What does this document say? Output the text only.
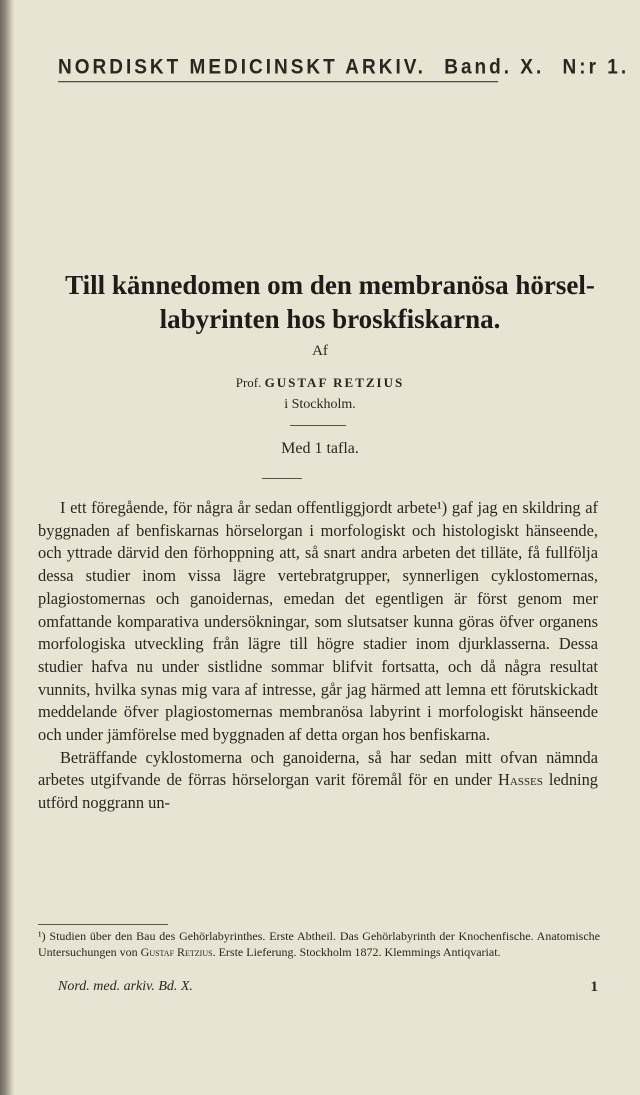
NORDISKT MEDICINSKT ARKIV. Band. X. N:r 1.
Till kännedomen om den membranösa hörsel-
labyrinten hos broskfiskarna.
Af
Prof. GUSTAF RETZIUS
i Stockholm.
Med 1 tafla.

I ett föregående, för några år sedan offentliggjordt arbete¹) gaf jag en skildring af byggnaden af benfiskarnas hörselorgan i morfologiskt och histologiskt hänseende, och yttrade därvid den förhoppning att, så snart andra arbeten det tilläte, få fullfölja dessa studier inom vissa lägre vertebratgrupper, synnerligen cyklostomernas, plagiostomernas och ganoidernas, emedan det egentligen är först genom mer omfattande komparativa undersökningar, som slutsatser kunna göras öfver organens morfologiska utveckling från lägre till högre stadier inom djurklasserna. Dessa studier hafva nu under sistlidne sommar blifvit fortsatta, och då några resultat vunnits, hvilka synas mig vara af intresse, går jag härmed att lemna ett förutskickadt meddelande öfver plagiostomernas membranösa labyrint i morfologiskt hänseende och under jämförelse med byggnaden af detta organ hos benfiskarna.

Beträffande cyklostomerna och ganoiderna, så har sedan mitt ofvan nämnda arbetes utgifvande de förras hörselorgan varit föremål för en under Hasses ledning utförd noggrann un-

¹) Studien über den Bau des Gehörlabyrinthes. Erste Abtheil. Das Gehörlabyrinth der Knochenfische. Anatomische Untersuchungen von Gustaf Retzius. Erste Lieferung. Stockholm 1872. Klemmings Antiqvariat.
Nord. med. arkiv. Bd. X.	1
